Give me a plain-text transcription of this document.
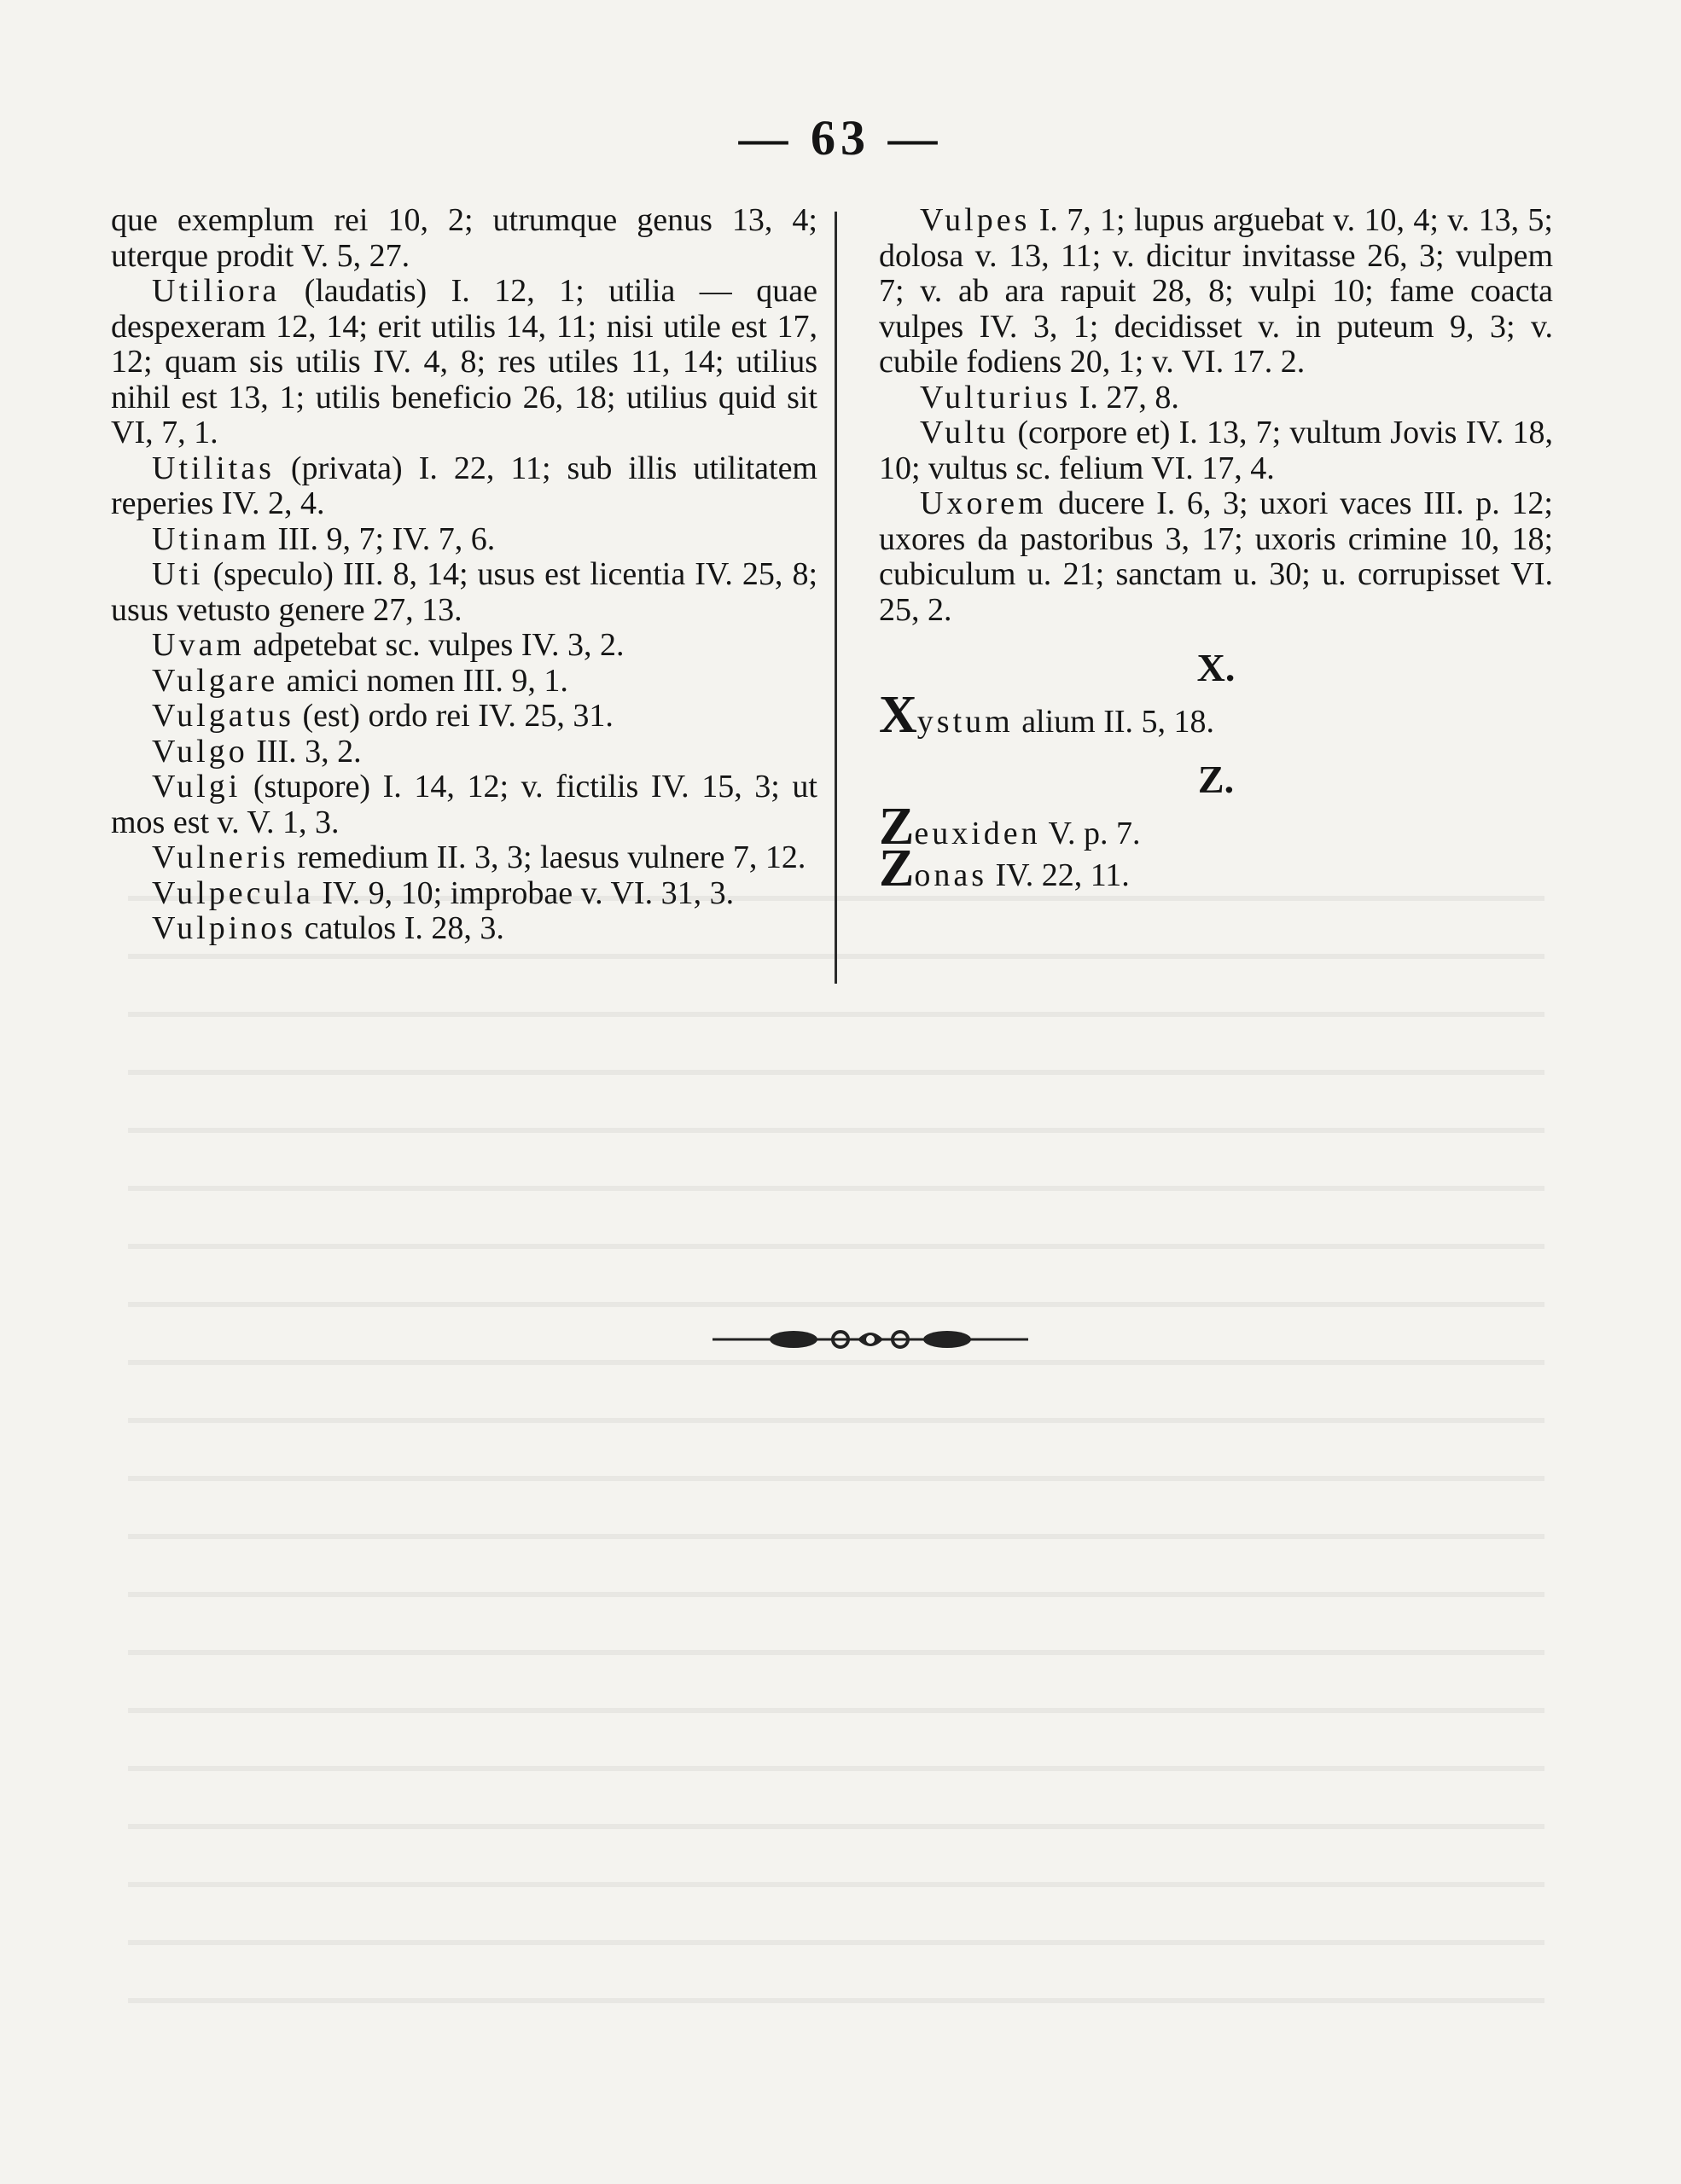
— 63 —

que exemplum rei 10, 2; utrumque genus 13, 4; uterque prodit V. 5, 27.

Utiliora (laudatis) I. 12, 1; utilia — quae despexeram 12, 14; erit utilis 14, 11; nisi utile est 17, 12; quam sis utilis IV. 4, 8; res utiles 11, 14; utilius nihil est 13, 1; utilis beneficio 26, 18; utilius quid sit VI, 7, 1.

Utilitas (privata) I. 22, 11; sub illis utilitatem reperies IV. 2, 4.

Utinam III. 9, 7; IV. 7, 6.

Uti (speculo) III. 8, 14; usus est licentia IV. 25, 8; usus vetusto genere 27, 13.

Uvam adpetebat sc. vulpes IV. 3, 2.

Vulgare amici nomen III. 9, 1.

Vulgatus (est) ordo rei IV. 25, 31.

Vulgo III. 3, 2.

Vulgi (stupore) I. 14, 12; v. fictilis IV. 15, 3; ut mos est v. V. 1, 3.

Vulneris remedium II. 3, 3; laesus vulnere 7, 12.

Vulpecula IV. 9, 10; improbae v. VI. 31, 3.

Vulpinos catulos I. 28, 3.

Vulpes I. 7, 1; lupus arguebat v. 10, 4; v. 13, 5; dolosa v. 13, 11; v. dicitur invitasse 26, 3; vulpem 7; v. ab ara rapuit 28, 8; vulpi 10; fame coacta vulpes IV. 3, 1; decidisset v. in puteum 9, 3; v. cubile fodiens 20, 1; v. VI. 17. 2.

Vulturius I. 27, 8.

Vultu (corpore et) I. 13, 7; vultum Jovis IV. 18, 10; vultus sc. felium VI. 17, 4.

Uxorem ducere I. 6, 3; uxori vaces III. p. 12; uxores da pastoribus 3, 17; uxoris crimine 10, 18; cubiculum u. 21; sanctam u. 30; u. corrupisset VI. 25, 2.

X.

Xystum alium II. 5, 18.

Z.

Zeuxiden V. p. 7.

Zonas IV. 22, 11.
